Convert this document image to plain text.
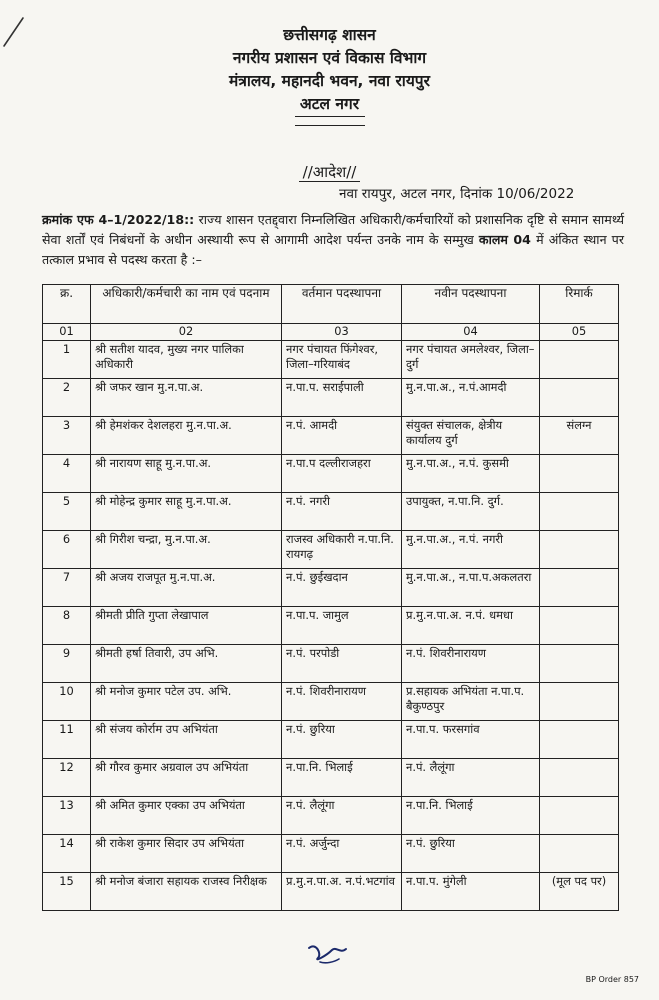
छत्तीसगढ़ शासन
नगरीय प्रशासन एवं विकास विभाग
मंत्रालय, महानदी भवन, नवा रायपुर
अटल नगर
//आदेश//
नवा रायपुर, अटल नगर, दिनांक 10/06/2022
क्रमांक एफ 4–1/2022/18:: राज्य शासन एतद्द्वारा निम्नलिखित अधिकारी/कर्मचारियों को प्रशासनिक दृष्टि से समान सामर्थ्य सेवा शर्तों एवं निबंधनों के अधीन अस्थायी रूप से आगामी आदेश पर्यन्त उनके नाम के सम्मुख कालम 04 में अंकित स्थान पर तत्काल प्रभाव से पदस्थ करता है :–
क्र.	अधिकारी/कर्मचारी का नाम एवं पदनाम	वर्तमान पदस्थापना	नवीन पदस्थापना	रिमार्क
01	02	03	04	05
1	श्री सतीश यादव, मुख्य नगर पालिका अधिकारी	नगर पंचायत फिंगेश्वर, जिला–गरियाबंद	नगर पंचायत अमलेश्वर, जिला–दुर्ग	
2	श्री जफर खान मु.न.पा.अ.	न.पा.प. सराईपाली	मु.न.पा.अ., न.पं.आमदी	
3	श्री हेमशंकर देशलहरा मु.न.पा.अ.	न.पं. आमदी	संयुक्त संचालक, क्षेत्रीय कार्यालय दुर्ग	संलग्न
4	श्री नारायण साहू मु.न.पा.अ.	न.पा.प दल्लीराजहरा	मु.न.पा.अ., न.पं. कुसमी	
5	श्री मोहेन्द्र कुमार साहू मु.न.पा.अ.	न.पं. नगरी	उपायुक्त, न.पा.नि. दुर्ग.	
6	श्री गिरीश चन्द्रा, मु.न.पा.अ.	राजस्व अधिकारी न.पा.नि. रायगढ़	मु.न.पा.अ., न.पं. नगरी	
7	श्री अजय राजपूत मु.न.पा.अ.	न.पं. छुईखदान	मु.न.पा.अ., न.पा.प.अकलतरा	
8	श्रीमती प्रीति गुप्ता लेखापाल	न.पा.प. जामुल	प्र.मु.न.पा.अ. न.पं. धमधा	
9	श्रीमती हर्षा तिवारी, उप अभि.	न.पं. परपोडी	न.पं. शिवरीनारायण	
10	श्री मनोज कुमार पटेल उप. अभि.	न.पं. शिवरीनारायण	प्र.सहायक अभियंता न.पा.प. बैकुण्ठपुर	
11	श्री संजय कोर्राम उप अभियंता	न.पं. छुरिया	न.पा.प. फरसगांव	
12	श्री गौरव कुमार अग्रवाल उप अभियंता	न.पा.नि. भिलाई	न.पं. लैलूंगा	
13	श्री अमित कुमार एक्का उप अभियंता	न.पं. लैलूंगा	न.पा.नि. भिलाई	
14	श्री राकेश कुमार सिदार उप अभियंता	न.पं. अर्जुन्दा	न.पं. छुरिया	
15	श्री मनोज बंजारा सहायक राजस्व निरीक्षक	प्र.मु.न.पा.अ. न.पं.भटगांव	न.पा.प. मुंगेली	(मूल पद पर)
BP Order 857
